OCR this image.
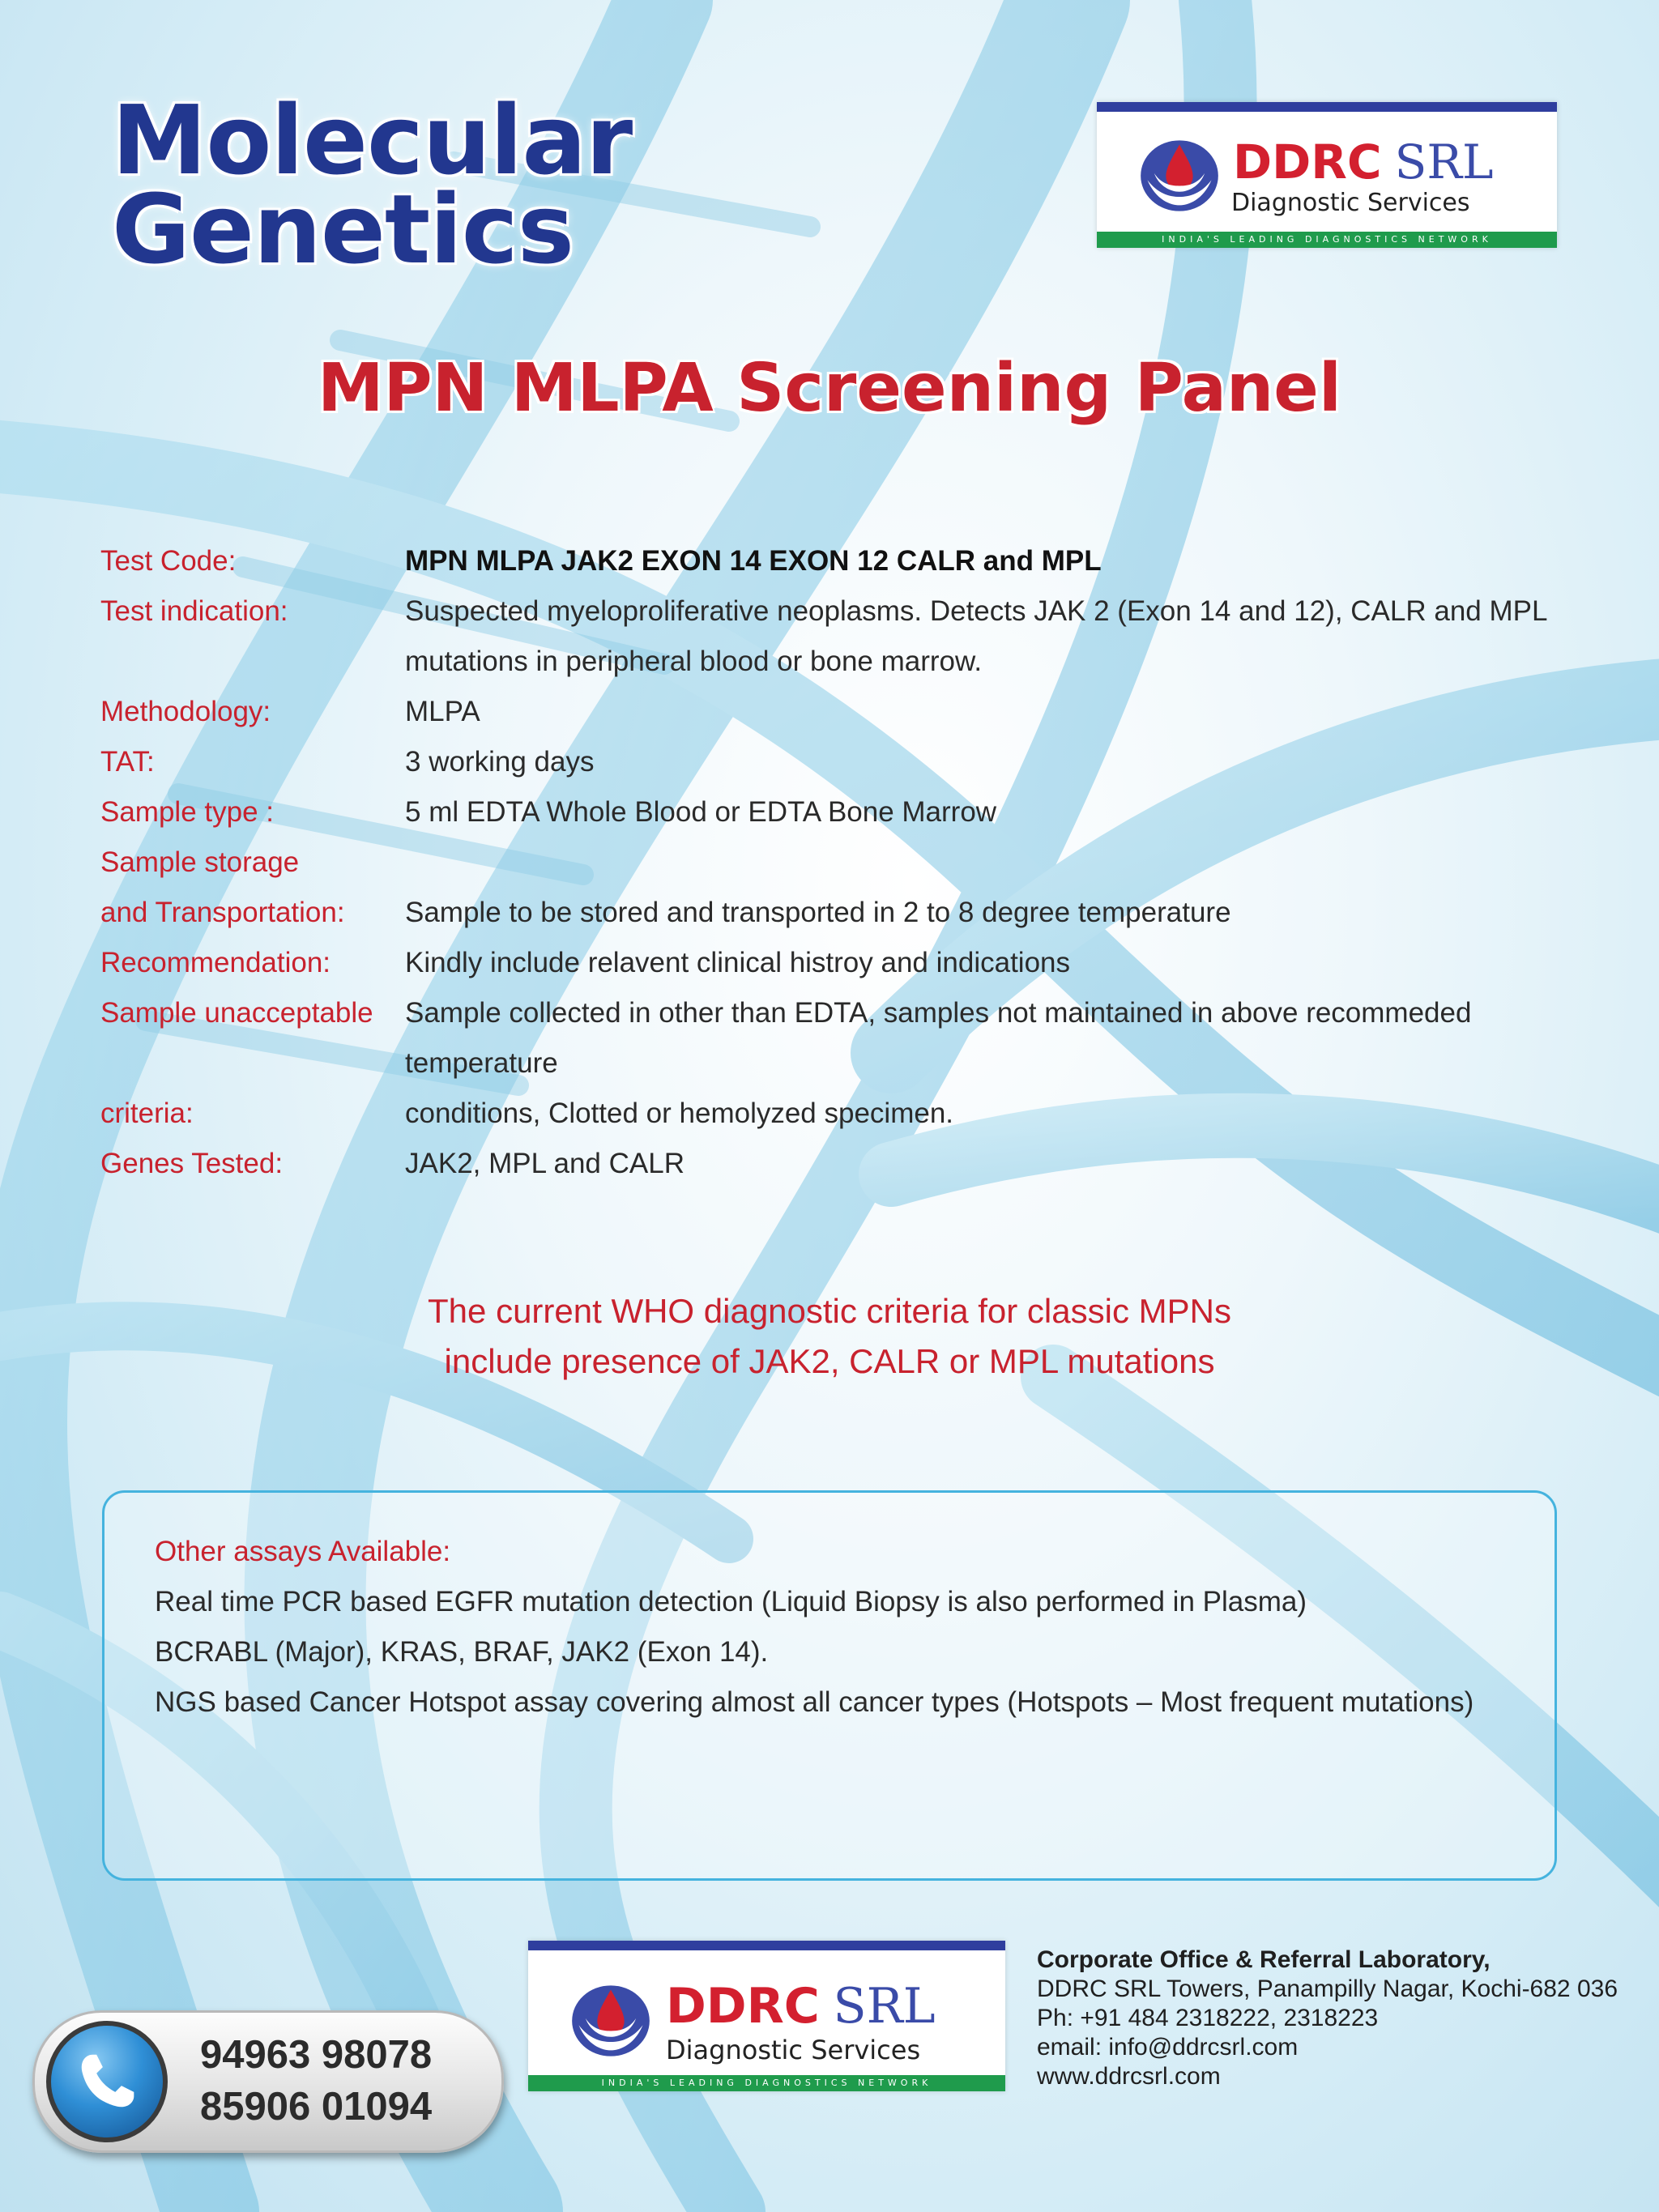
Molecular
Genetics
DDRC SRL
Diagnostic Services
INDIA'S LEADING DIAGNOSTICS NETWORK
MPN MLPA Screening Panel
Test Code:	MPN MLPA JAK2 EXON 14 EXON 12 CALR and MPL
Test indication:	Suspected myeloproliferative neoplasms. Detects JAK 2 (Exon 14 and 12), CALR and MPL
mutations in peripheral blood or bone marrow.
Methodology:	MLPA
TAT:	3 working days
Sample type :	5 ml EDTA Whole Blood or EDTA Bone Marrow
Sample storage
and Transportation:	Sample to be stored and transported in 2 to 8 degree temperature
Recommendation:	Kindly include relavent clinical histroy and indications
Sample unacceptable	Sample collected in other than EDTA, samples not maintained in above recommeded temperature
criteria:	conditions, Clotted or hemolyzed specimen.
Genes Tested:	JAK2, MPL and CALR
The current WHO diagnostic criteria for classic MPNs
include presence of JAK2, CALR or MPL mutations
Other assays Available:
Real time PCR based EGFR mutation detection (Liquid Biopsy is also performed in Plasma)
BCRABL (Major), KRAS, BRAF, JAK2 (Exon 14).
NGS based Cancer Hotspot assay covering almost all cancer types (Hotspots – Most frequent mutations)
94963 98078
85906 01094
DDRC SRL
Diagnostic Services
INDIA'S LEADING DIAGNOSTICS NETWORK
Corporate Office & Referral Laboratory,
DDRC SRL Towers, Panampilly Nagar, Kochi-682 036
Ph: +91 484 2318222, 2318223
email: info@ddrcsrl.com
www.ddrcsrl.com
